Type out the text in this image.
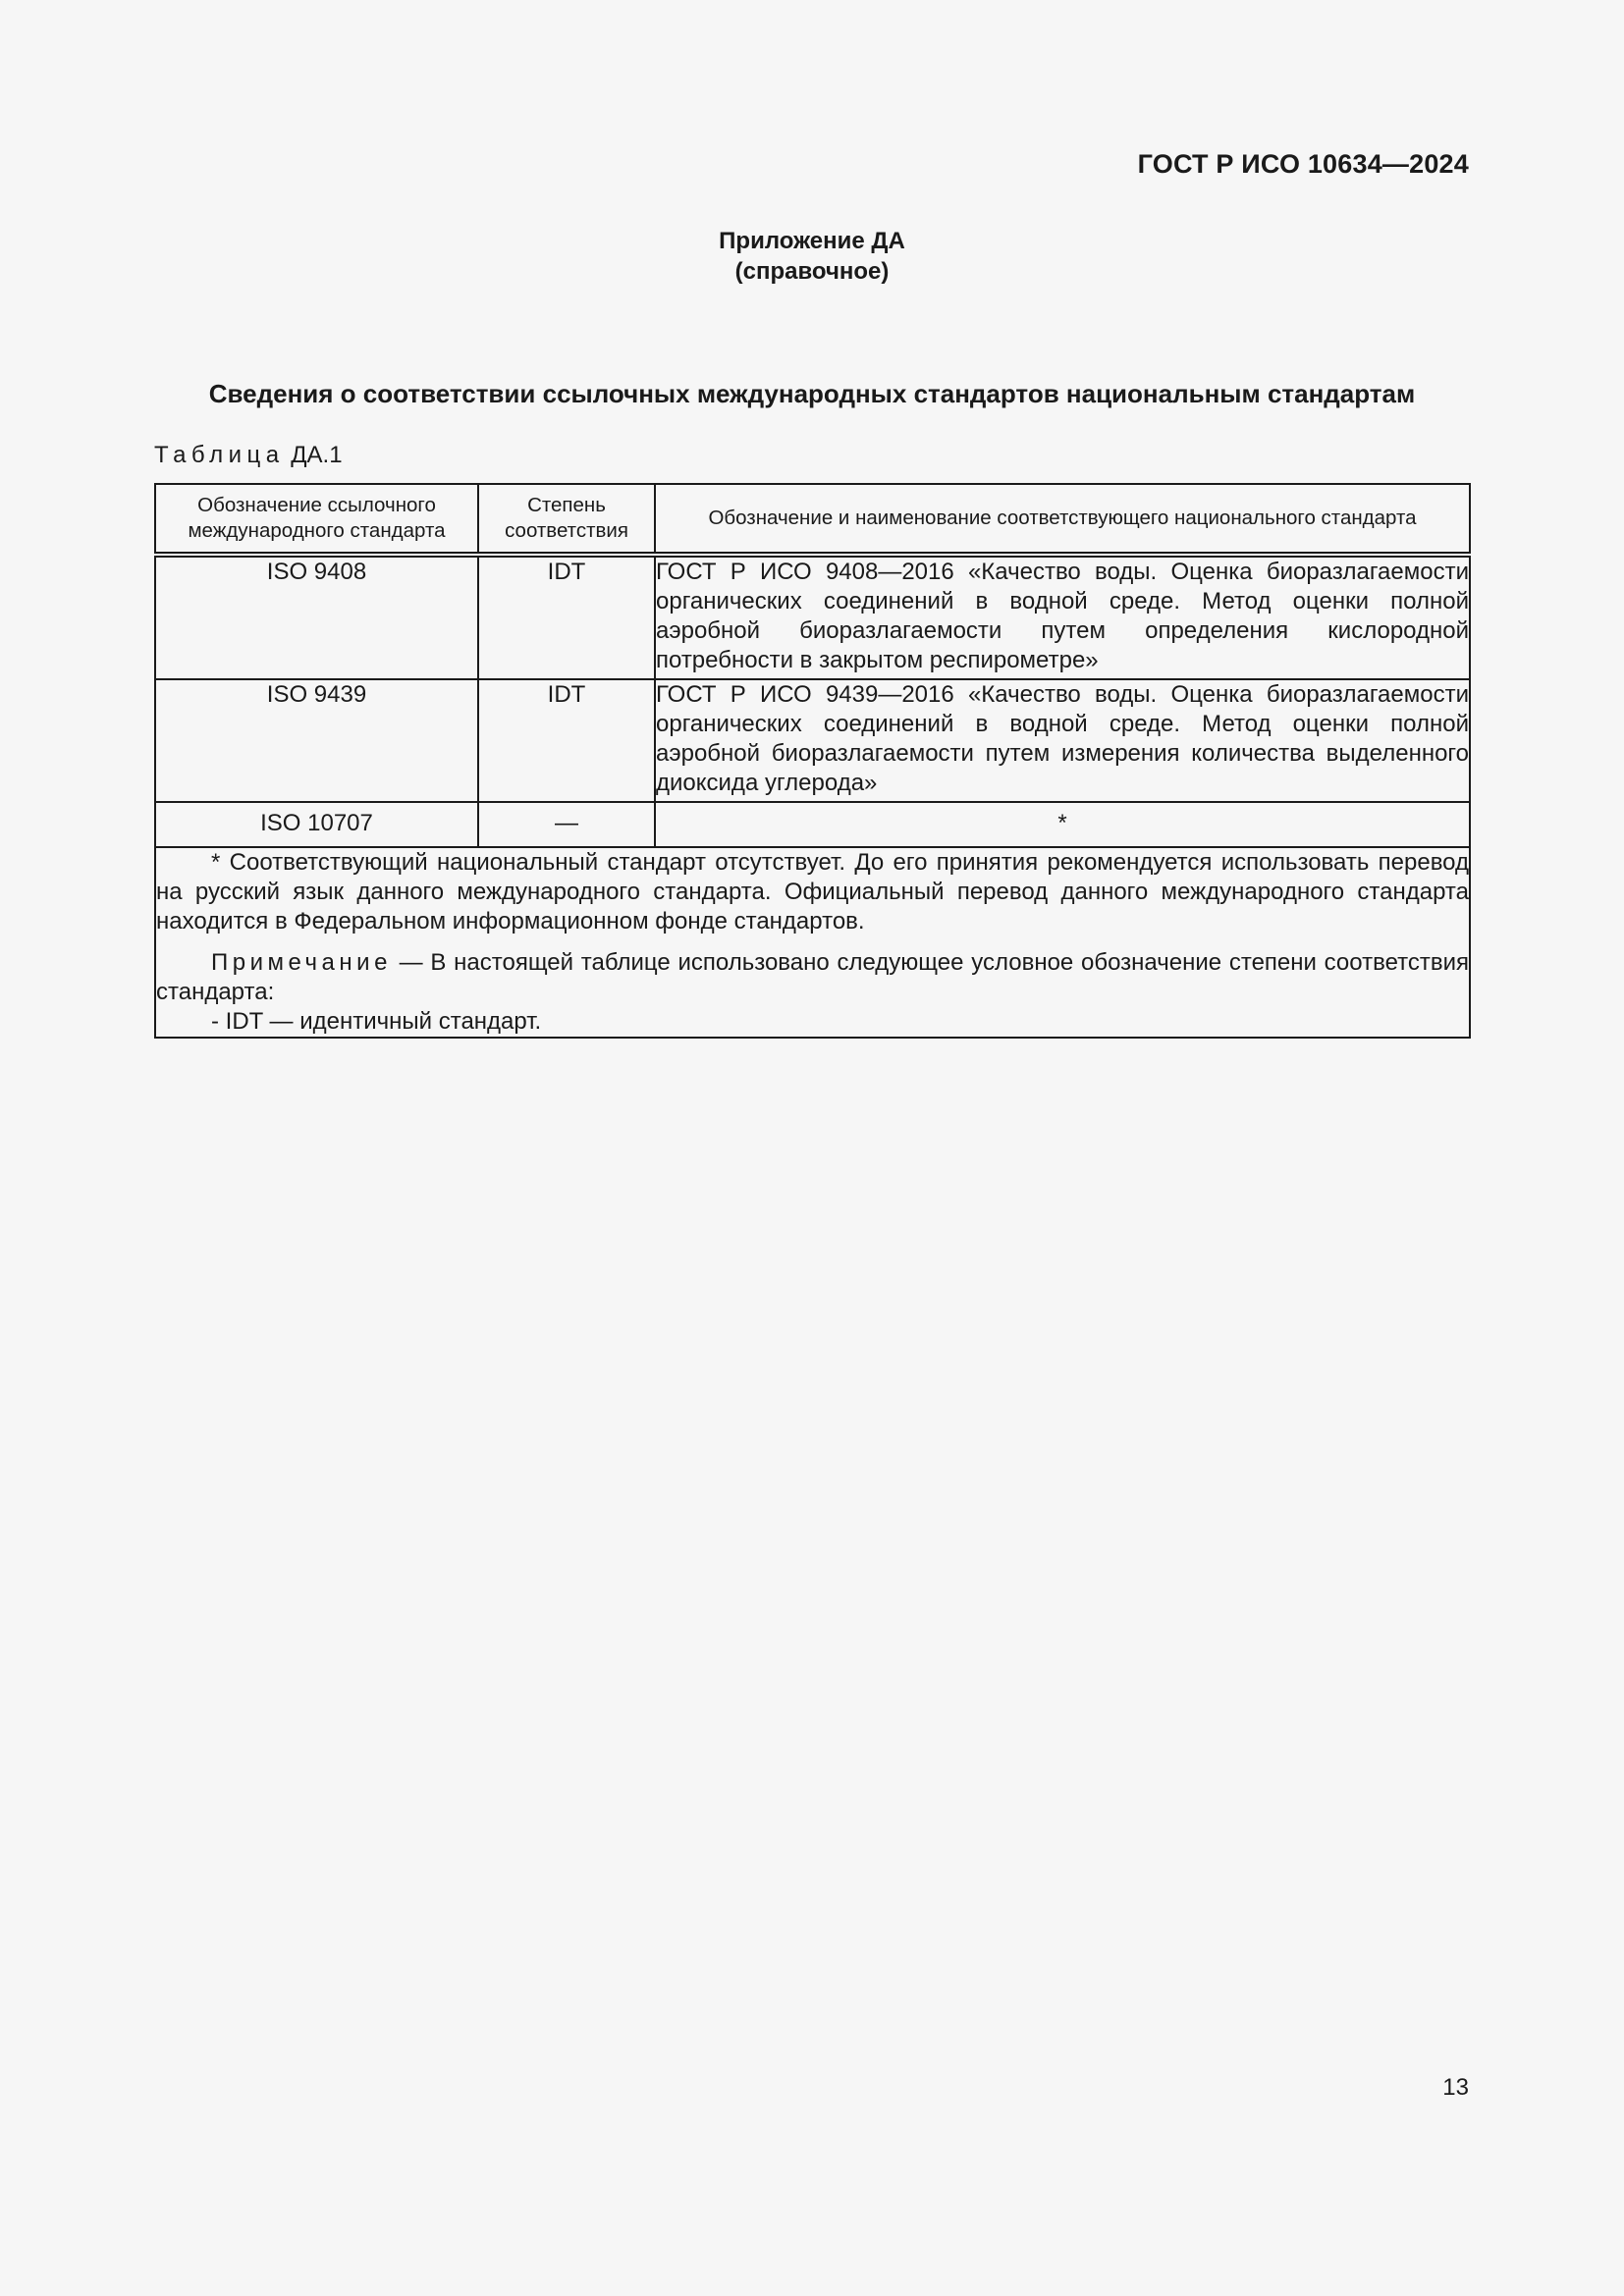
ГОСТ Р ИСО 10634—2024
Приложение ДА
(справочное)
Сведения о соответствии ссылочных международных стандартов национальным стандартам
Таблица ДА.1
Обозначение ссылочного международного стандарта	Степень соответствия	Обозначение и наименование соответствующего национального стандарта
ISO 9408	IDT	ГОСТ Р ИСО 9408—2016 «Качество воды. Оценка биоразлагаемости органических соединений в водной среде. Метод оценки полной аэробной биоразлагаемости путем определения кислородной потребности в закрытом респирометре»
ISO 9439	IDT	ГОСТ Р ИСО 9439—2016 «Качество воды. Оценка биоразлагаемости органических соединений в водной среде. Метод оценки полной аэробной биоразлагаемости путем измерения количества выделенного диоксида углерода»
ISO 10707	—	*

* Соответствующий национальный стандарт отсутствует. До его принятия рекомендуется использовать перевод на русский язык данного международного стандарта. Официальный перевод данного международного стандарта находится в Федеральном информационном фонде стандартов.

Примечание — В настоящей таблице использовано следующее условное обозначение степени соответствия стандарта:

- IDT — идентичный стандарт.		
13
